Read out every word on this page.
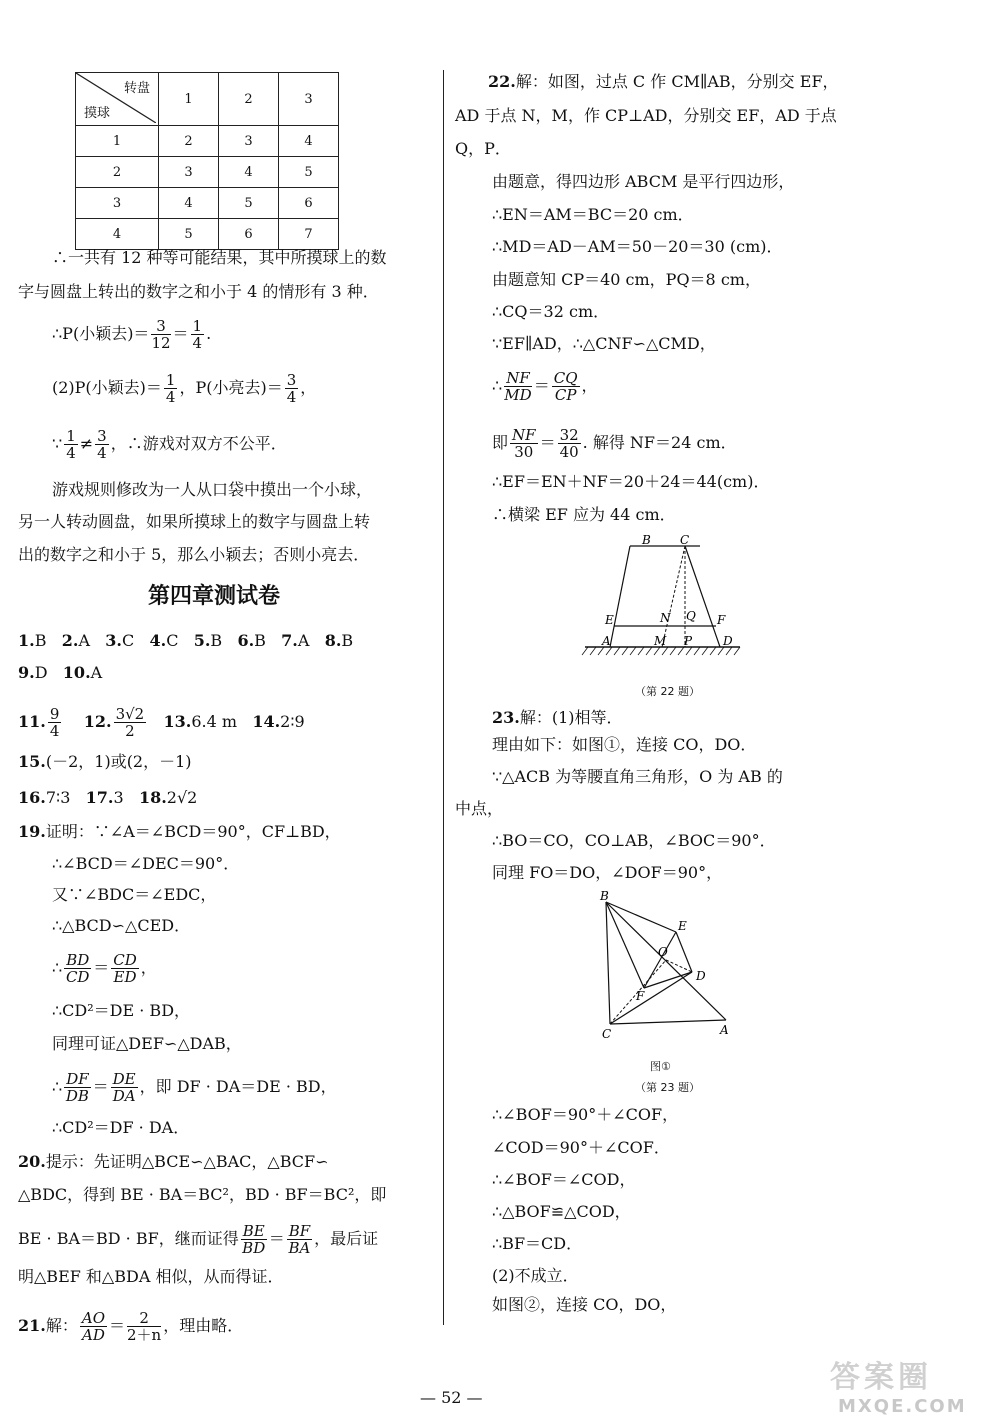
转盘
摸球	1	2	3
1	2	3	4
2	3	4	5
3	4	5	6
4	5	6	7
∴一共有 12 种等可能结果，其中所摸球上的数
字与圆盘上转出的数字之和小于 4 的情形有 3 种．
∴P(小颖去)＝ $\frac{3}{12} = \frac{1}{4}$ .
(2)P(小颖去)＝ $\frac{1}{4}$ ，P(小亮去)＝ $\frac{3}{4}$ ，
∵ $\frac{1}{4} \ne \frac{3}{4}$ ，∴游戏对双方不公平．
游戏规则修改为一人从口袋中摸出一个小球，
另一人转动圆盘，如果所摸球上的数字与圆盘上转
出的数字之和小于 5，那么小颖去；否则小亮去．
第四章测试卷
1.B 2.A 3.C 4.C 5.B 6.B 7.A 8.B
9.D 10.A
11. $\frac{9}{4} 12$. $\frac{3√2}{2} 13.6.4$ m 14.2∶9
15.(－2，1)或(2，－1)
16.7∶3 17.3 18.2√2
19.证明：∵∠A＝∠BCD＝90°，CF⊥BD，
∴∠BCD＝∠DEC＝90°．
又∵∠BDC＝∠EDC，
∴△BCD∽△CED．
∴ $\frac{BD}{CD} = \frac{CD}{ED}$ ，
∴CD²＝DE · BD，
同理可证△DEF∽△DAB，
∴ $\frac{DF}{DB} = \frac{DE}{DA}$ ，即 DF · DA＝DE · BD，
∴CD²＝DF · DA．
20.提示：先证明△BCE∽△BAC，△BCF∽
△BDC，得到 BE · BA＝BC²，BD · BF＝BC²，即
BE · BA＝BD · BF，继而证得 $\frac{BE}{BD} = \frac{BF}{BA}$ ，最后证
明△BEF 和△BDA 相似，从而得证．
21.解： $\frac{AO}{AD} = \frac{2}{2+n}$ ，理由略．
22.解：如图，过点 C 作 CM∥AB，分别交 EF，
AD 于点 N，M，作 CP⊥AD，分别交 EF，AD 于点
Q，P．
由题意，得四边形 ABCM 是平行四边形，
∴EN＝AM＝BC＝20 cm．
∴MD＝AD－AM＝50－20＝30 (cm)．
由题意知 CP＝40 cm，PQ＝8 cm，
∴CQ＝32 cm．
∵EF∥AD，∴△CNF∽△CMD，
∴ $\frac{NF}{MD} = \frac{CQ}{CP}$ ，
即 $\frac{NF}{30} = \frac{32}{40}$ . 解得 NF＝24 cm．
∴EF＝EN＋NF＝20＋24＝44(cm)．
∴横梁 EF 应为 44 cm．
B C
E	N Q F
A	M P	D
（第 22 题）
23.解：(1)相等．
理由如下：如图①，连接 CO，DO．
∵△ACB 为等腰直角三角形，O 为 AB 的
中点，
∴BO＝CO，CO⊥AB，∠BOC＝90°．
同理 FO＝DO，∠DOF＝90°，
B
E
O
D
F
C	A
图①
（第 23 题）
∴∠BOF＝90°＋∠COF，
∠COD＝90°＋∠COF．
∴∠BOF＝∠COD，
∴△BOF≌△COD，
∴BF＝CD．
(2)不成立．
如图②，连接 CO，DO，
— 52 —
答案圈
MXQE.COM
